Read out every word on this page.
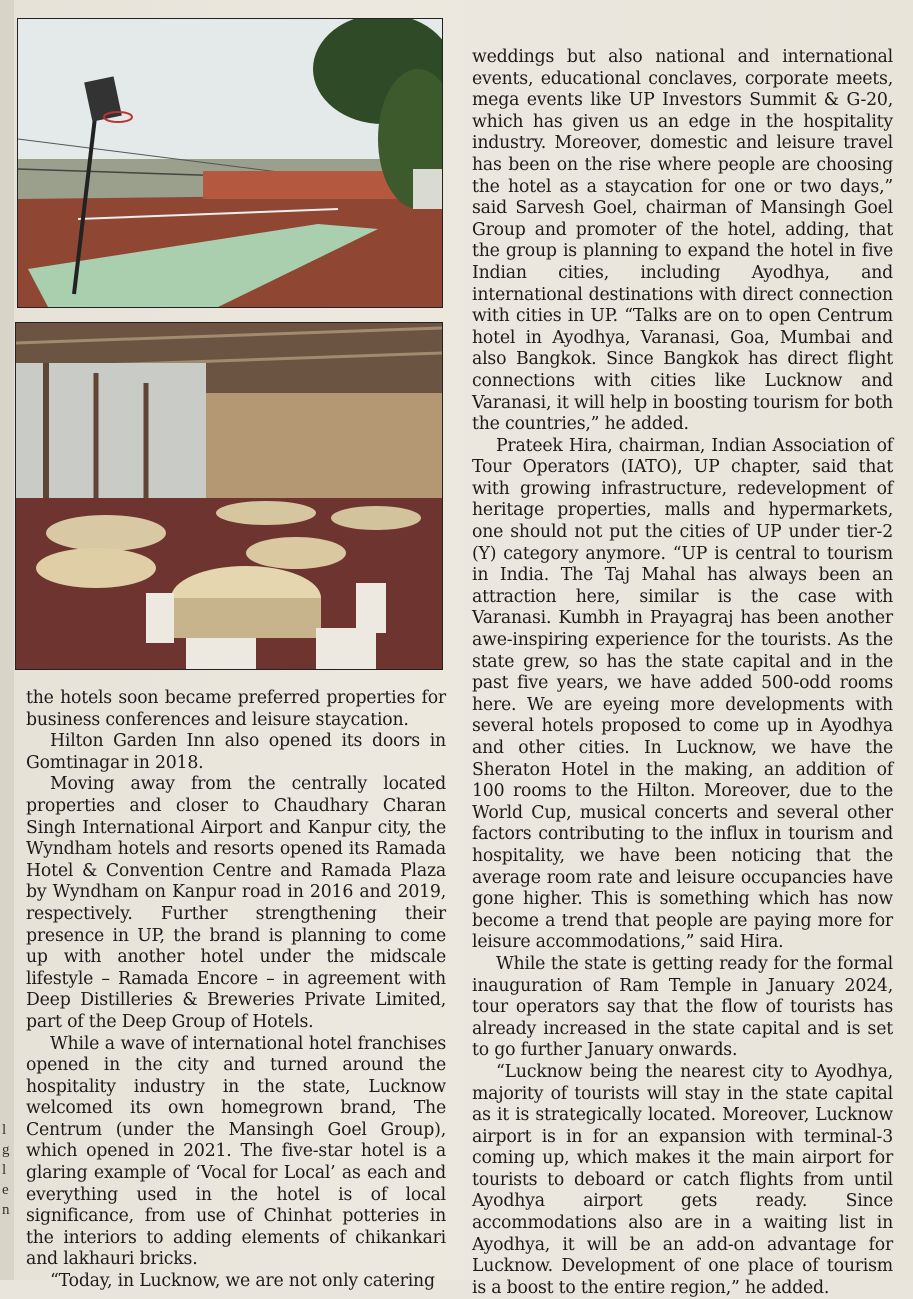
l g l e n

the hotels soon became preferred properties for business conferences and leisure staycation.

Hilton Garden Inn also opened its doors in Gomtinagar in 2018.

Moving away from the centrally located properties and closer to Chaudhary Charan Singh International Airport and Kanpur city, the Wyndham hotels and resorts opened its Ramada Hotel & Convention Centre and Ramada Plaza by Wyndham on Kanpur road in 2016 and 2019, respectively. Further strengthening their presence in UP, the brand is planning to come up with another hotel under the midscale lifestyle – Ramada Encore – in agreement with Deep Distilleries & Breweries Private Limited, part of the Deep Group of Hotels.

While a wave of international hotel franchises opened in the city and turned around the hospitality industry in the state, Lucknow welcomed its own homegrown brand, The Centrum (under the Mansingh Goel Group), which opened in 2021. The five-star hotel is a glaring example of ‘Vocal for Local’ as each and everything used in the hotel is of local significance, from use of Chinhat potteries in the interiors to adding elements of chikankari and lakhauri bricks.

“Today, in Lucknow, we are not only catering

weddings but also national and international events, educational conclaves, corporate meets, mega events like UP Investors Summit & G-20, which has given us an edge in the hospitality industry. Moreover, domestic and leisure travel has been on the rise where people are choosing the hotel as a staycation for one or two days,” said Sarvesh Goel, chairman of Mansingh Goel Group and promoter of the hotel, adding, that the group is planning to expand the hotel in five Indian cities, including Ayodhya, and international destinations with direct connection with cities in UP. “Talks are on to open Centrum hotel in Ayodhya, Varanasi, Goa, Mumbai and also Bangkok. Since Bangkok has direct flight connections with cities like Lucknow and Varanasi, it will help in boosting tourism for both the countries,” he added.

Prateek Hira, chairman, Indian Association of Tour Operators (IATO), UP chapter, said that with growing infrastructure, redevelopment of heritage properties, malls and hypermarkets, one should not put the cities of UP under tier-2 (Y) category anymore. “UP is central to tourism in India. The Taj Mahal has always been an attraction here, similar is the case with Varanasi. Kumbh in Prayagraj has been another awe-inspiring experience for the tourists. As the state grew, so has the state capital and in the past five years, we have added 500-odd rooms here. We are eyeing more developments with several hotels proposed to come up in Ayodhya and other cities. In Lucknow, we have the Sheraton Hotel in the making, an addition of 100 rooms to the Hilton. Moreover, due to the World Cup, musical concerts and several other factors contributing to the influx in tourism and hospitality, we have been noticing that the average room rate and leisure occupancies have gone higher. This is something which has now become a trend that people are paying more for leisure accommodations,” said Hira.

While the state is getting ready for the formal inauguration of Ram Temple in January 2024, tour operators say that the flow of tourists has already increased in the state capital and is set to go further January onwards.

“Lucknow being the nearest city to Ayodhya, majority of tourists will stay in the state capital as it is strategically located. Moreover, Lucknow airport is in for an expansion with terminal-3 coming up, which makes it the main airport for tourists to deboard or catch flights from until Ayodhya airport gets ready. Since accommodations also are in a waiting list in Ayodhya, it will be an add-on advantage for Lucknow. Development of one place of tourism is a boost to the entire region,” he added.
